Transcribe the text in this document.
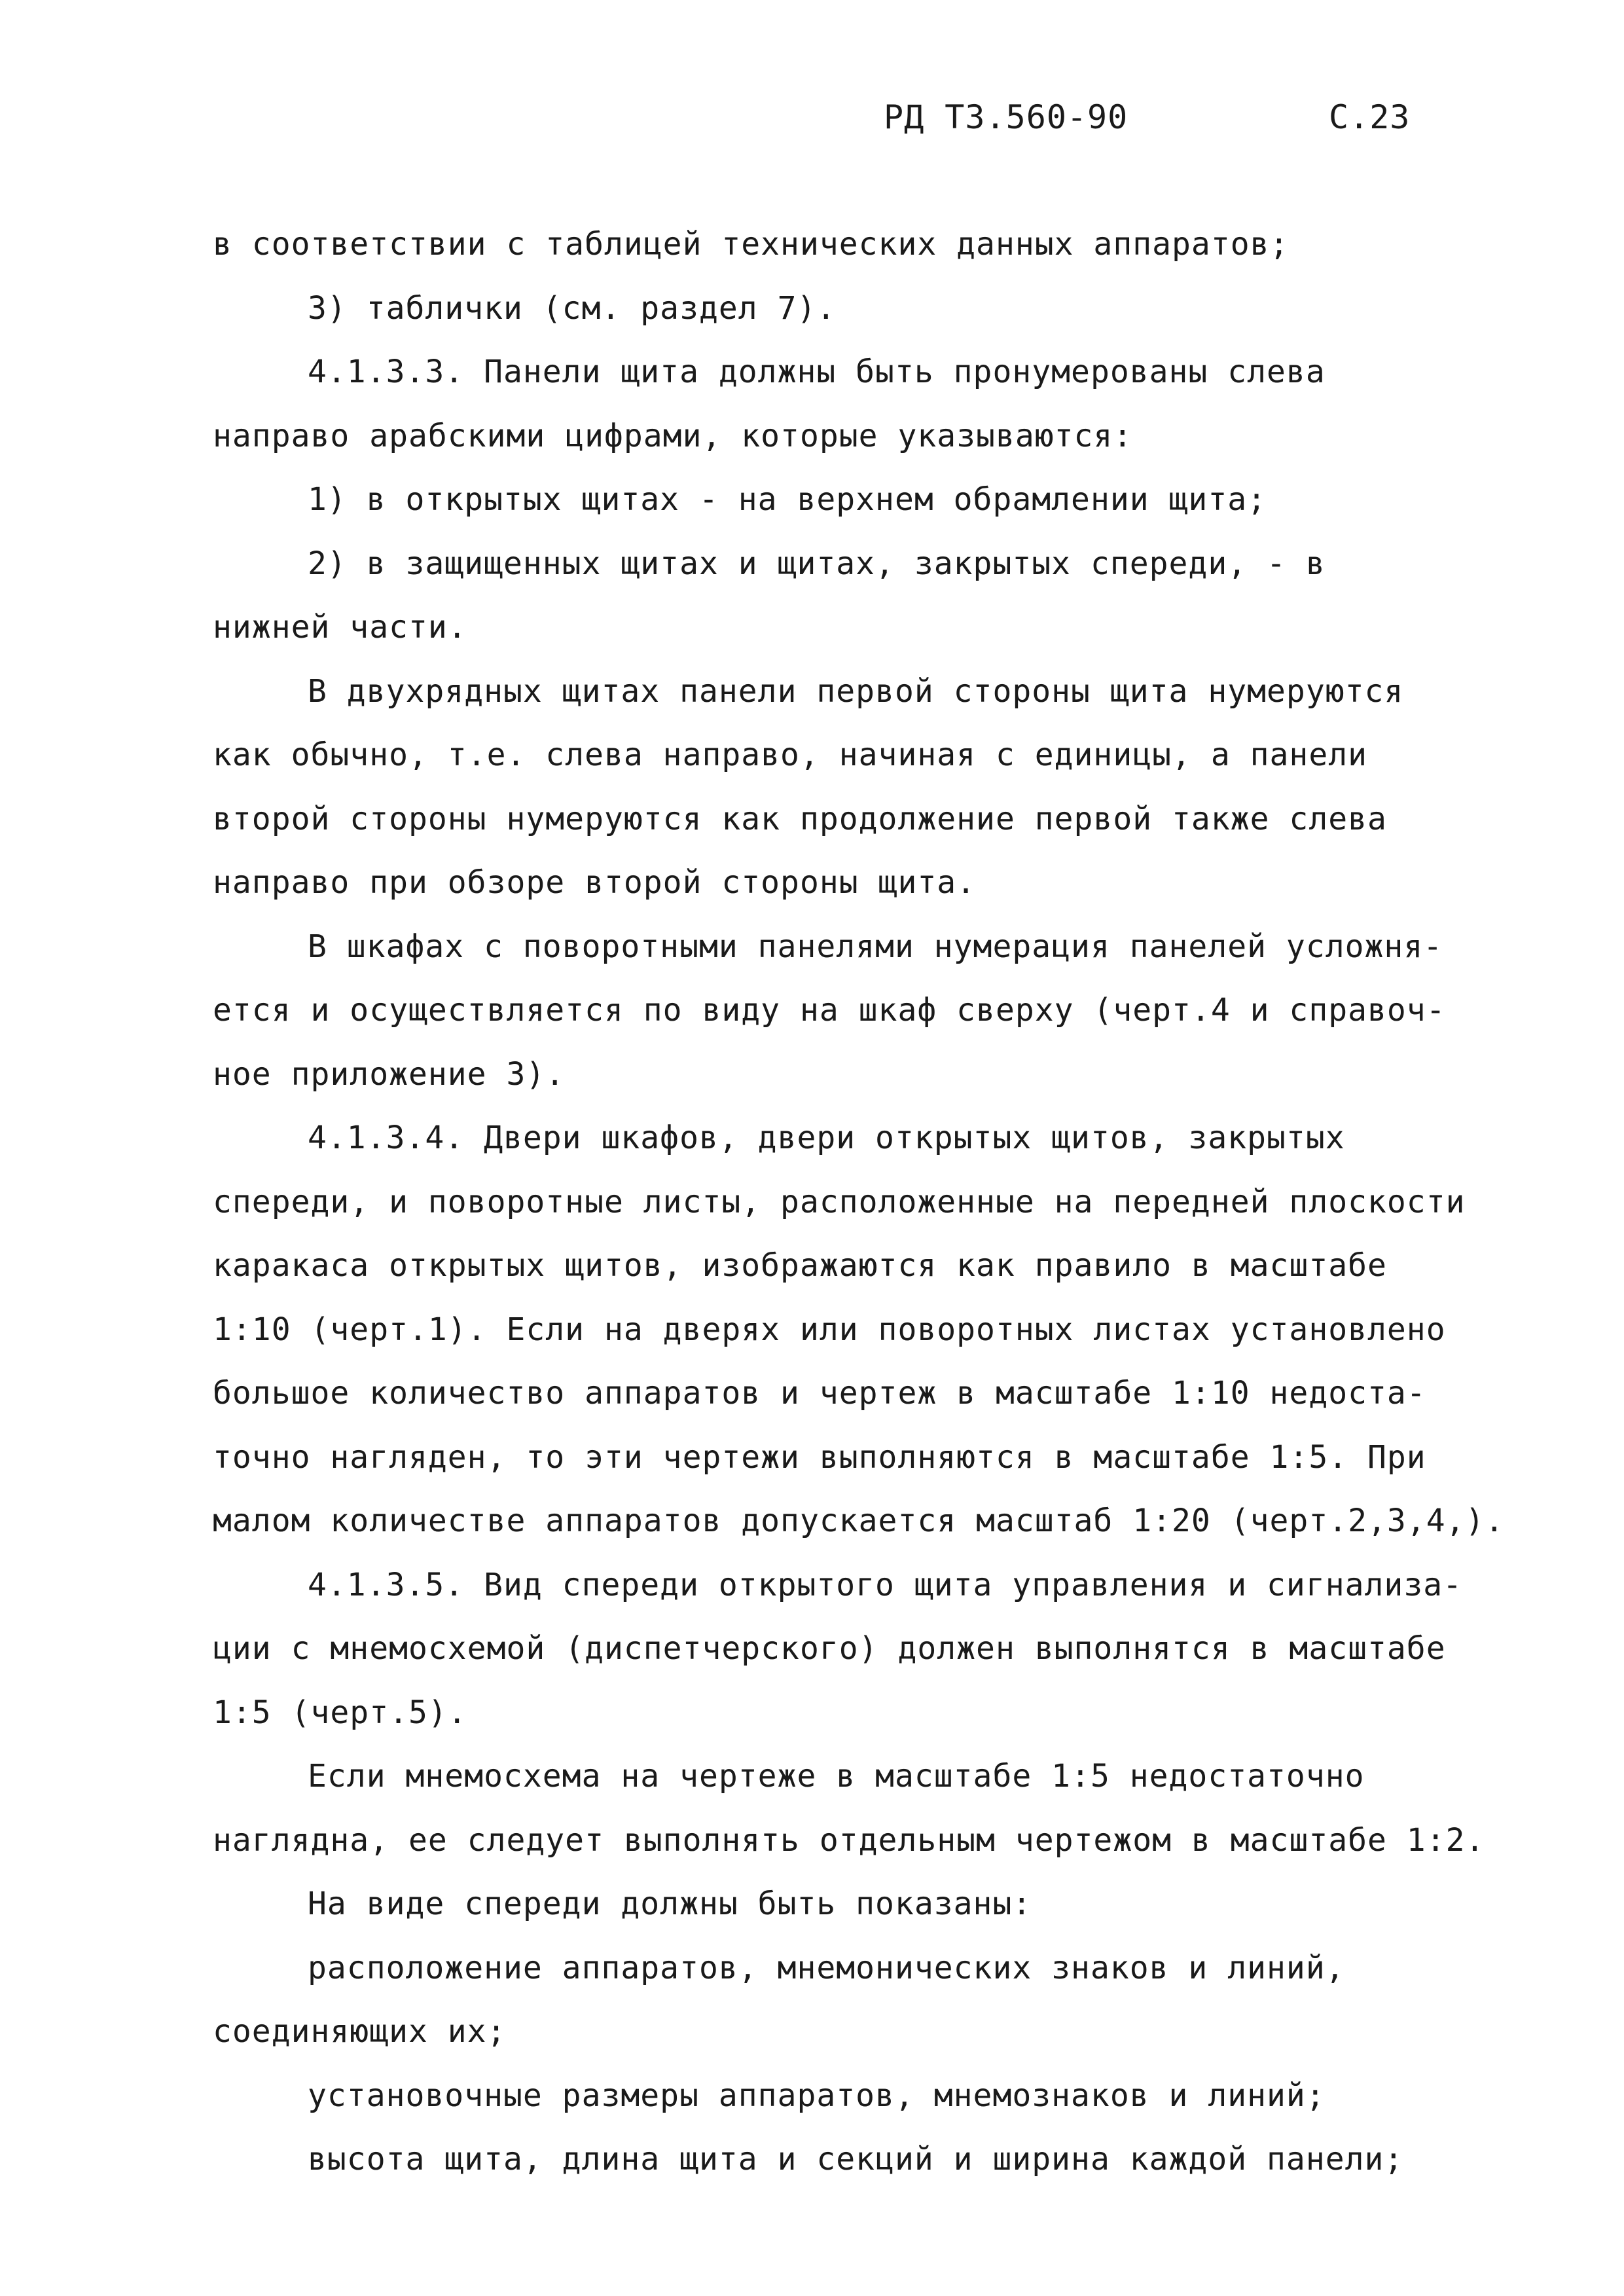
РД ТЗ.560-90	С.23
в соответствии с таблицей технических данных аппаратов;
3) таблички (см. раздел 7).
4.1.3.3. Панели щита должны быть пронумерованы слева
направо арабскими цифрами, которые указываются:
1) в открытых щитах - на верхнем обрамлении щита;
2) в защищенных щитах и щитах, закрытых спереди, - в
нижней части.
В двухрядных щитах панели первой стороны щита нумеруются
как обычно, т.е. слева направо, начиная с единицы, а панели
второй стороны нумеруются как продолжение первой также слева
направо при обзоре второй стороны щита.
В шкафах с поворотными панелями нумерация панелей усложня-
ется и осуществляется по виду на шкаф сверху (черт.4 и справоч-
ное приложение 3).
4.1.3.4. Двери шкафов, двери открытых щитов, закрытых
спереди, и поворотные листы, расположенные на передней плоскости
каракаса открытых щитов, изображаются как правило в масштабе
1:10 (черт.1). Если на дверях или поворотных листах установлено
большое количество аппаратов и чертеж в масштабе 1:10 недоста-
точно нагляден, то эти чертежи выполняются в масштабе 1:5. При
малом количестве аппаратов допускается масштаб 1:20 (черт.2,3,4,).
4.1.3.5. Вид спереди открытого щита управления и сигнализа-
ции с мнемосхемой (диспетчерского) должен выполнятся в масштабе
1:5 (черт.5).
Если мнемосхема на чертеже в масштабе 1:5 недостаточно
наглядна, ее следует выполнять отдельным чертежом в масштабе 1:2.
На виде спереди должны быть показаны:
расположение аппаратов, мнемонических знаков и линий,
соединяющих их;
установочные размеры аппаратов, мнемознаков и линий;
высота щита, длина щита и секций и ширина каждой панели;
